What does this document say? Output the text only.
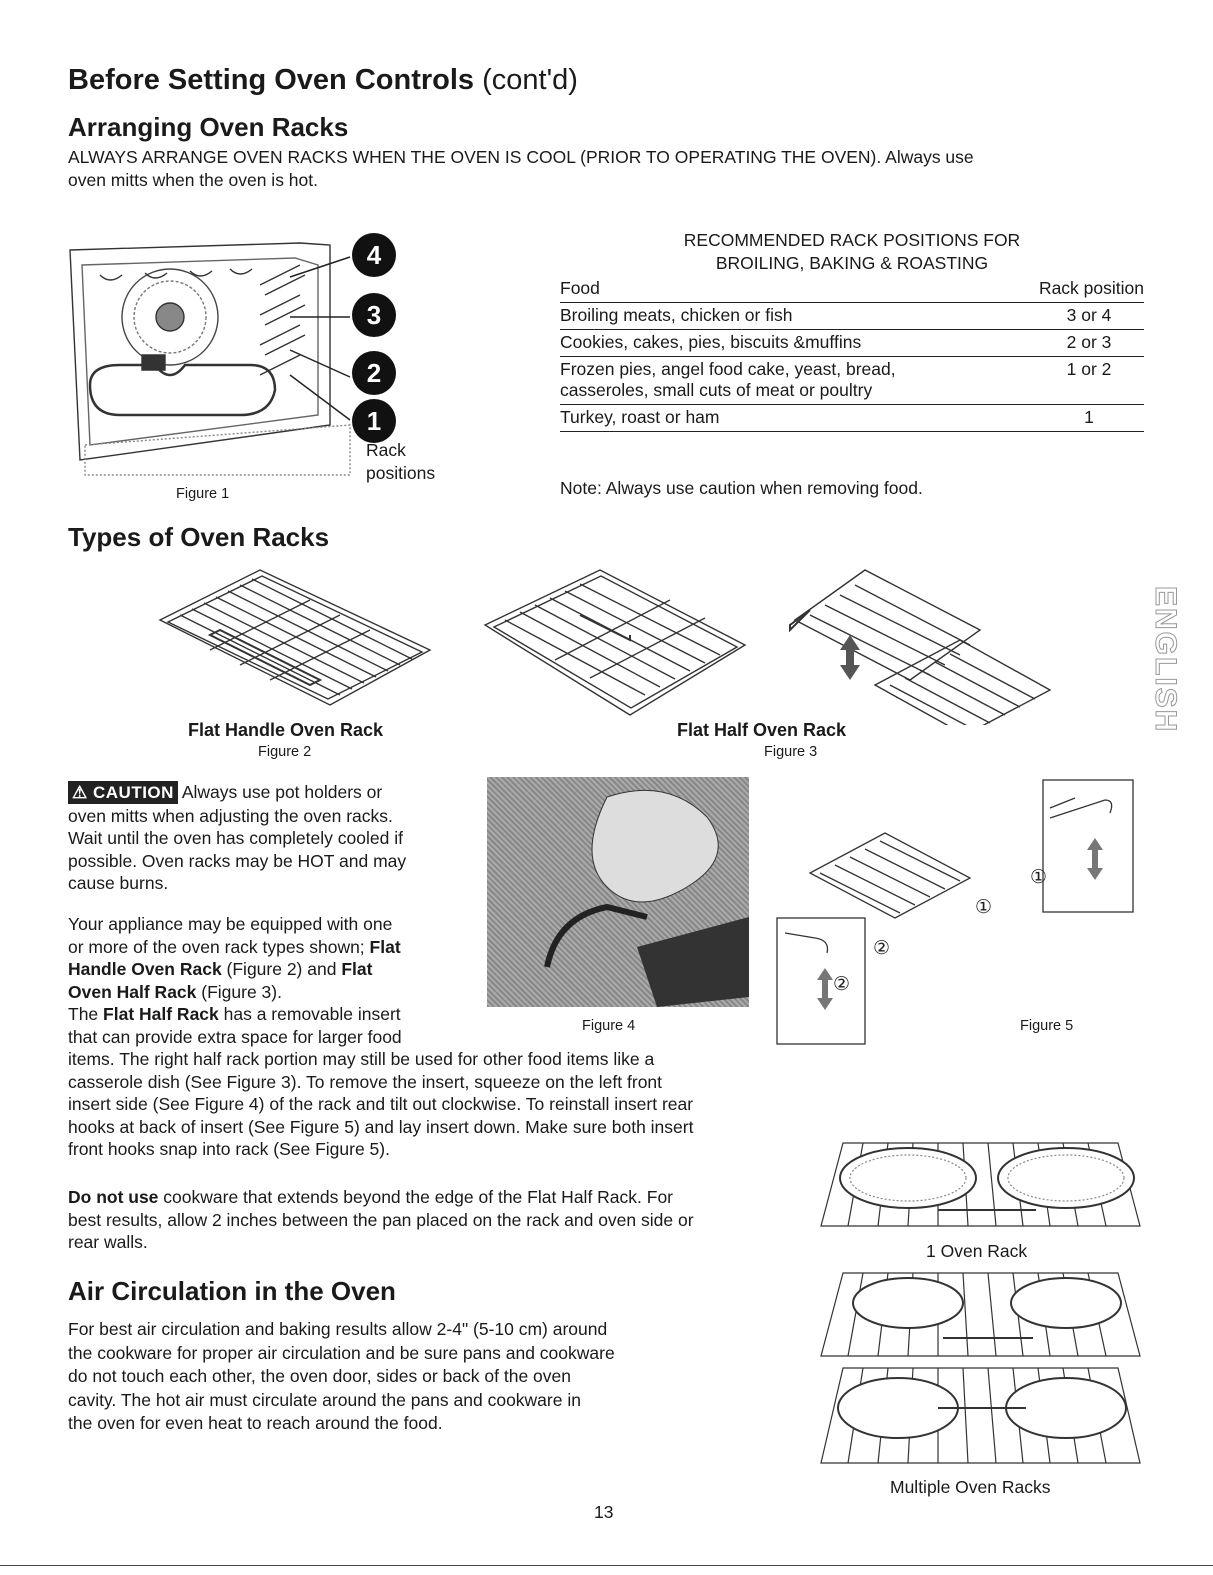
Before Setting Oven Controls (cont'd)
Arranging Oven Racks
ALWAYS ARRANGE OVEN RACKS WHEN THE OVEN IS COOL (PRIOR TO OPERATING THE OVEN). Always use
oven mitts when the oven is hot.
4
3
2
1
Rack
positions
Figure 1
RECOMMENDED RACK POSITIONS FOR
BROILING, BAKING & ROASTING
Food	Rack position
Broiling meats, chicken or fish	3 or 4
Cookies, cakes, pies, biscuits &muffins	2 or 3

Frozen pies, angel food cake, yeast, bread,
casseroles, small cuts of meat or poultry	1 or 2
Turkey, roast or ham	1
Note: Always use caution when removing food.
Types of Oven Racks
Flat Handle Oven Rack
Figure 2
Flat Half Oven Rack
Figure 3
ENGLISH
⚠ CAUTION Always use pot holders or
oven mitts when adjusting the oven racks.
Wait until the oven has completely cooled if
possible. Oven racks may be HOT and may
cause burns.
Your appliance may be equipped with one
or more of the oven rack types shown; Flat
Handle Oven Rack (Figure 2) and Flat
Oven Half Rack (Figure 3).
The Flat Half Rack has a removable insert
that can provide extra space for larger food
items. The right half rack portion may still be used for other food items like a
casserole dish (See Figure 3). To remove the insert, squeeze on the left front
insert side (See Figure 4) of the rack and tilt out clockwise. To reinstall insert rear
hooks at back of insert (See Figure 5) and lay insert down. Make sure both insert
front hooks snap into rack (See Figure 5).
Figure 4
①
①
②
②
Figure 5
Do not use cookware that extends beyond the edge of the Flat Half Rack. For
best results, allow 2 inches between the pan placed on the rack and oven side or
rear walls.	1 Oven Rack
Multiple Oven Racks
Air Circulation in the Oven
For best air circulation and baking results allow 2-4" (5-10 cm) around
the cookware for proper air circulation and be sure pans and cookware
do not touch each other, the oven door, sides or back of the oven
cavity. The hot air must circulate around the pans and cookware in
the oven for even heat to reach around the food.
13
